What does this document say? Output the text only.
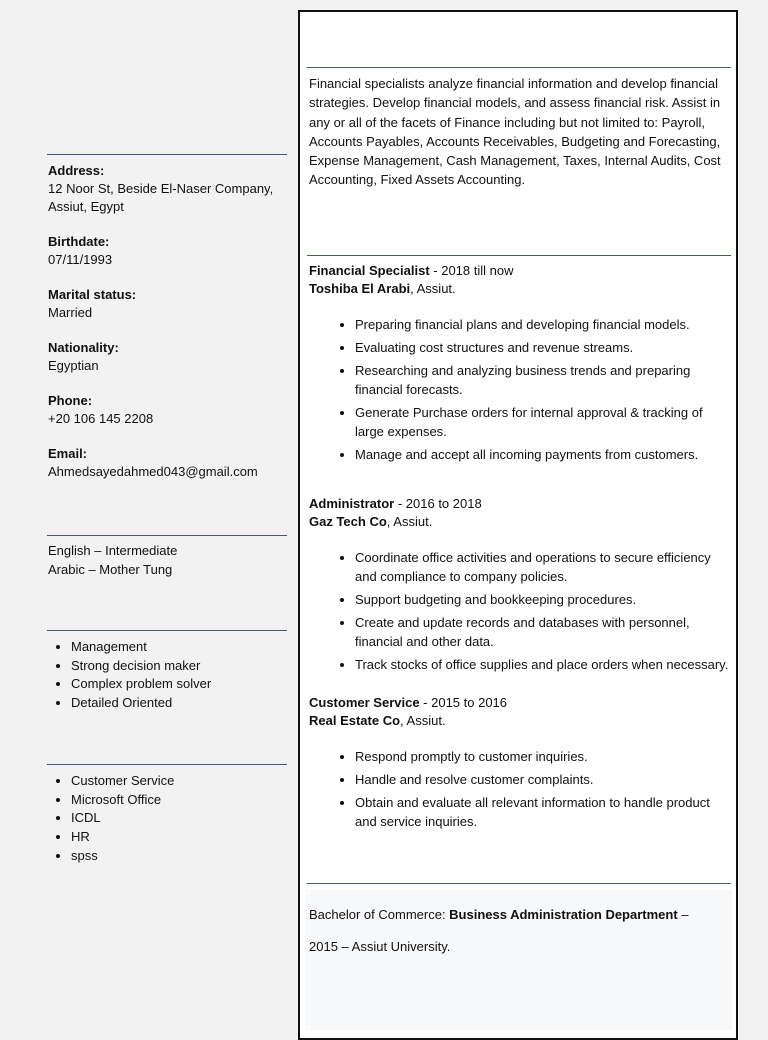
Address:
12 Noor St, Beside El-Naser Company, Assiut, Egypt
Birthdate:
07/11/1993
Marital status:
Married
Nationality:
Egyptian
Phone:
+20 106 145 2208
Email:
Ahmedsayedahmed043@gmail.com
English – Intermediate
Arabic – Mother Tung
• Management
• Strong decision maker
• Complex problem solver
• Detailed Oriented
• Customer Service
• Microsoft Office
• ICDL
• HR
• spss
Financial specialists analyze financial information and develop financial strategies. Develop financial models, and assess financial risk. Assist in any or all of the facets of Finance including but not limited to: Payroll, Accounts Payables, Accounts Receivables, Budgeting and Forecasting, Expense Management, Cash Management, Taxes, Internal Audits, Cost Accounting, Fixed Assets Accounting.
Financial Specialist - 2018 till now
Toshiba El Arabi, Assiut.
• Preparing financial plans and developing financial models.
• Evaluating cost structures and revenue streams.
• Researching and analyzing business trends and preparing financial forecasts.
• Generate Purchase orders for internal approval & tracking of large expenses.
• Manage and accept all incoming payments from customers.
Administrator - 2016 to 2018
Gaz Tech Co, Assiut.
• Coordinate office activities and operations to secure efficiency and compliance to company policies.
• Support budgeting and bookkeeping procedures.
• Create and update records and databases with personnel, financial and other data.
• Track stocks of office supplies and place orders when necessary.
Customer Service - 2015 to 2016
Real Estate Co, Assiut.
• Respond promptly to customer inquiries.
• Handle and resolve customer complaints.
• Obtain and evaluate all relevant information to handle product and service inquiries.
Bachelor of Commerce: Business Administration Department –
2015 – Assiut University.
